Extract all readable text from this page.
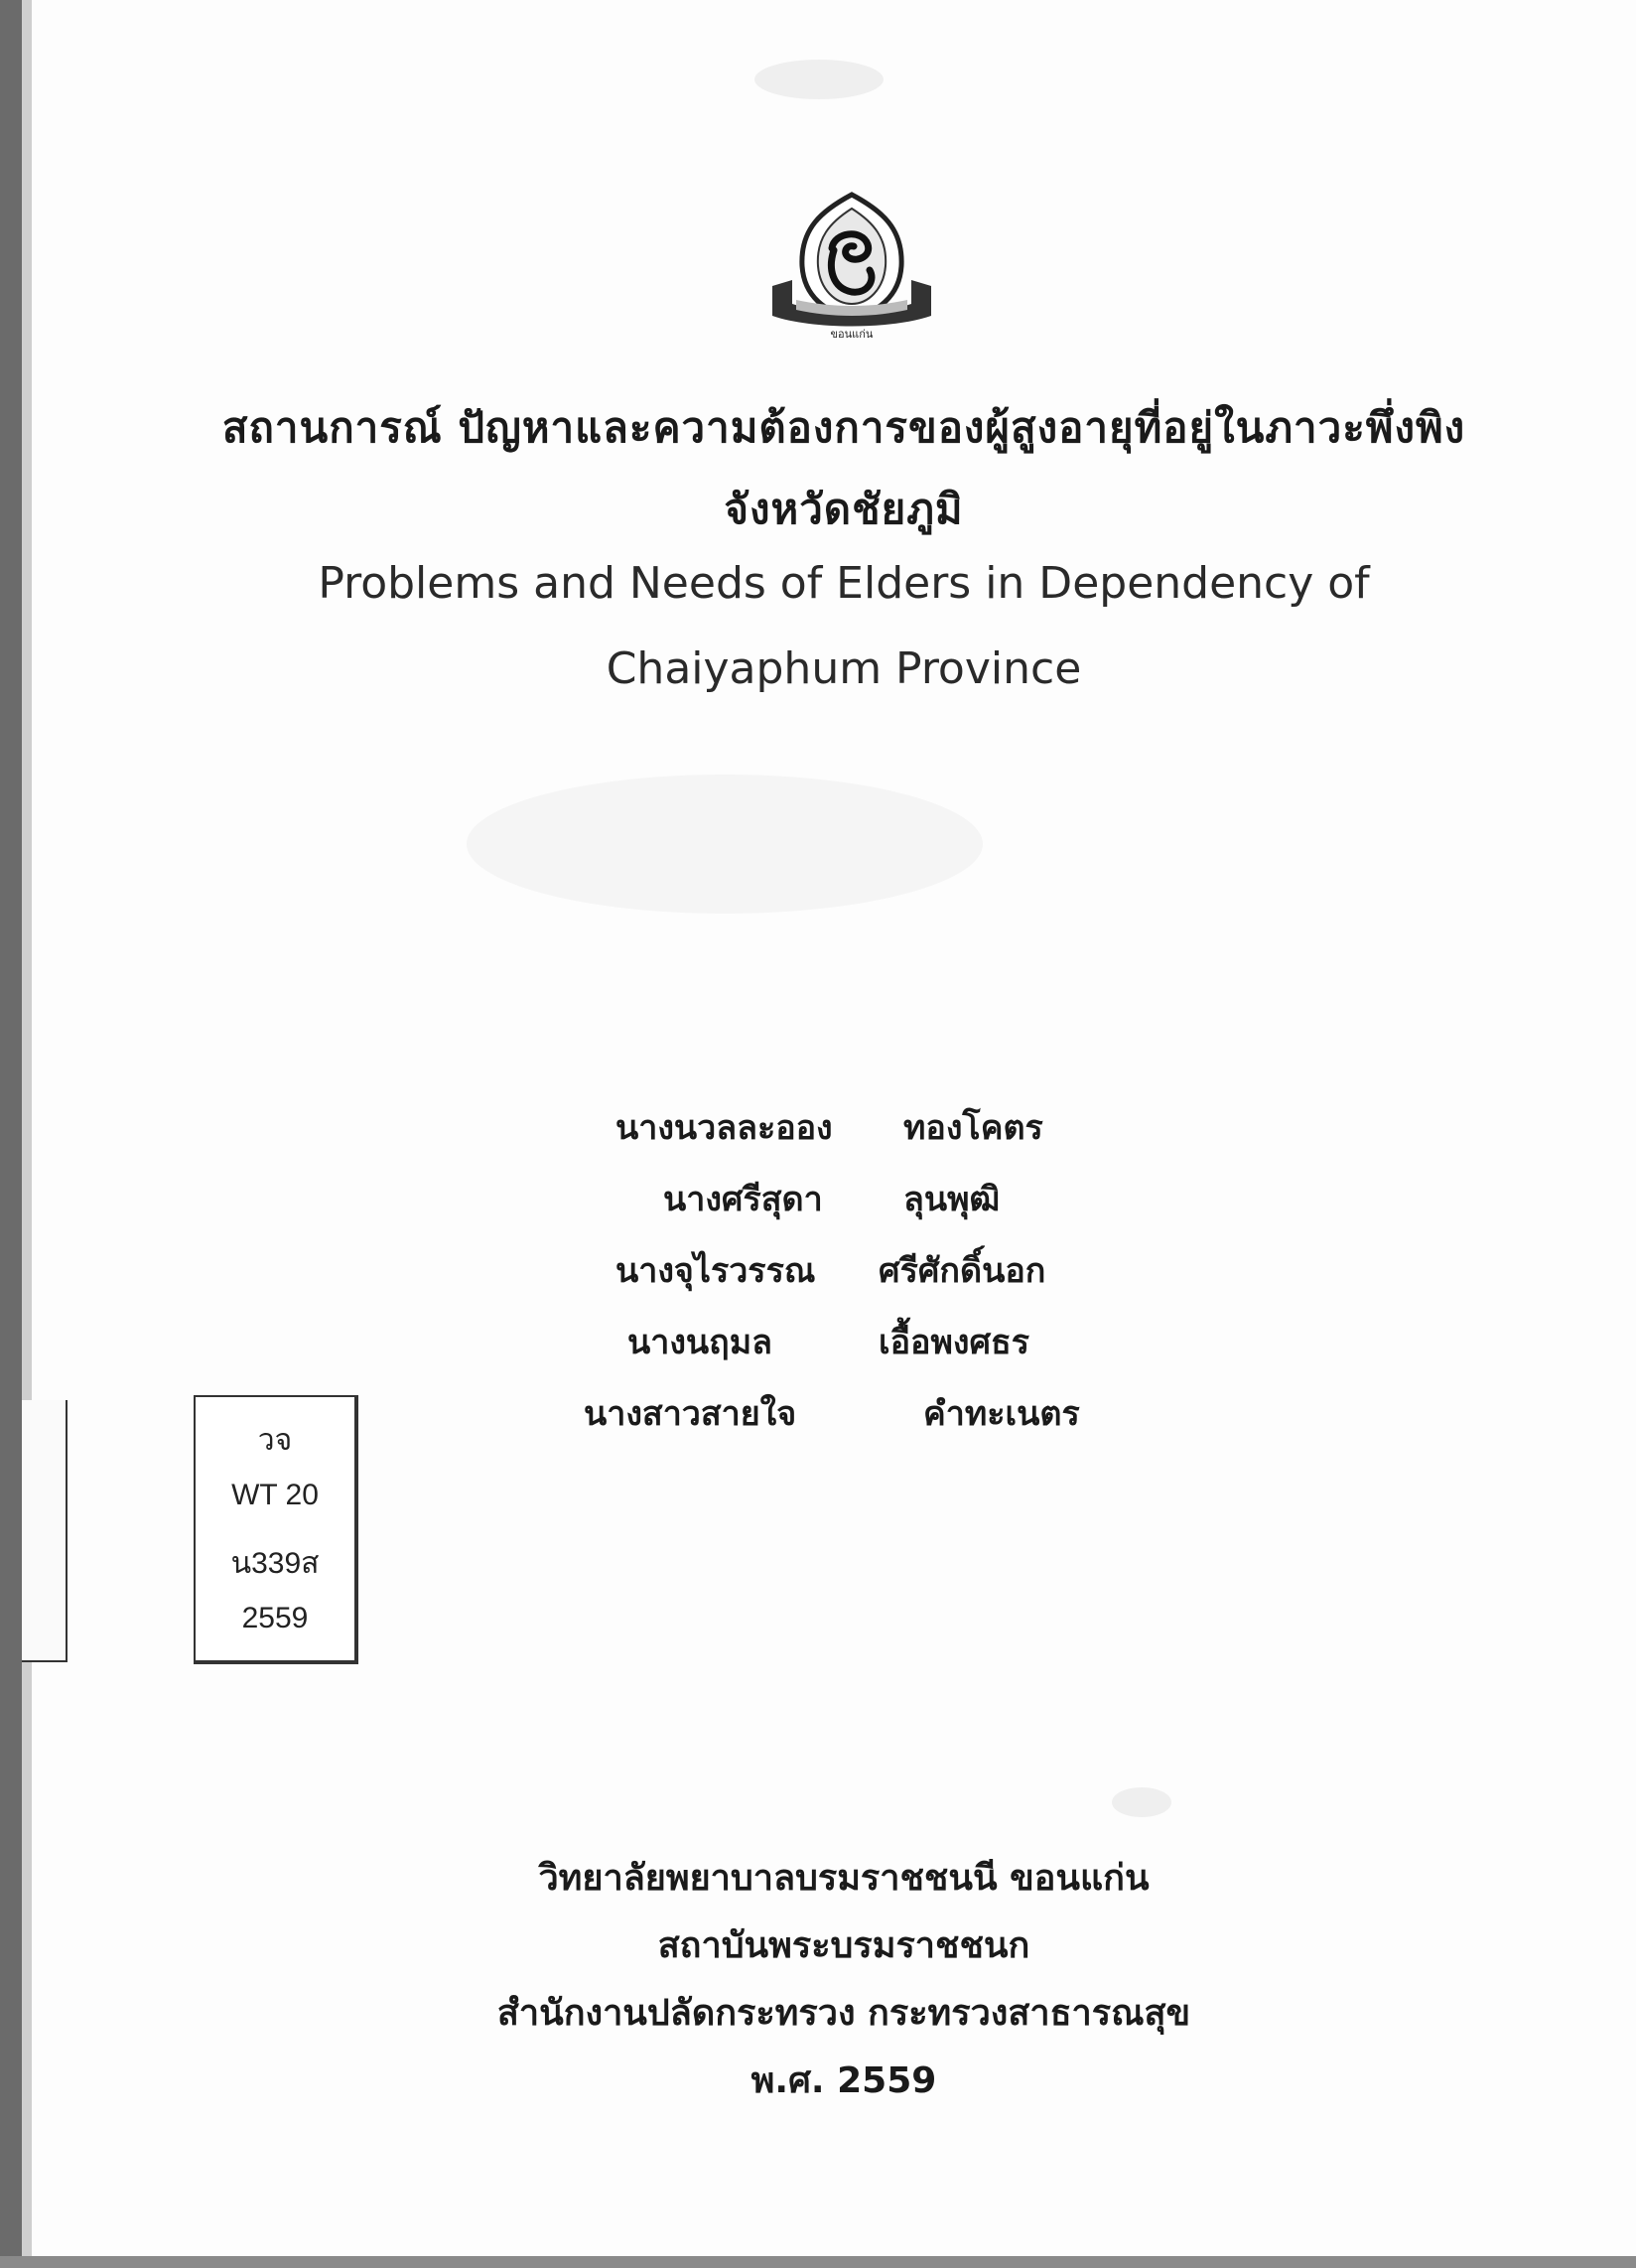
ขอนแก่น
สถานการณ์ ปัญหาและความต้องการของผู้สูงอายุที่อยู่ในภาวะพึ่งพิง
จังหวัดชัยภูมิ
Problems and Needs of Elders in Dependency of
Chaiyaphum Province
นางนวลละออง ทองโคตร
นางศรีสุดา ลุนพุฒิ
นางจุไรวรรณ ศรีศักดิ์นอก
นางนฤมล	เอื้อพงศธร
นางสาวสายใจ	คำทะเนตร
วจ
WT 20
น339ส
2559
วิทยาลัยพยาบาลบรมราชชนนี ขอนแก่น
สถาบันพระบรมราชชนก
สำนักงานปลัดกระทรวง กระทรวงสาธารณสุข
พ.ศ. 2559
